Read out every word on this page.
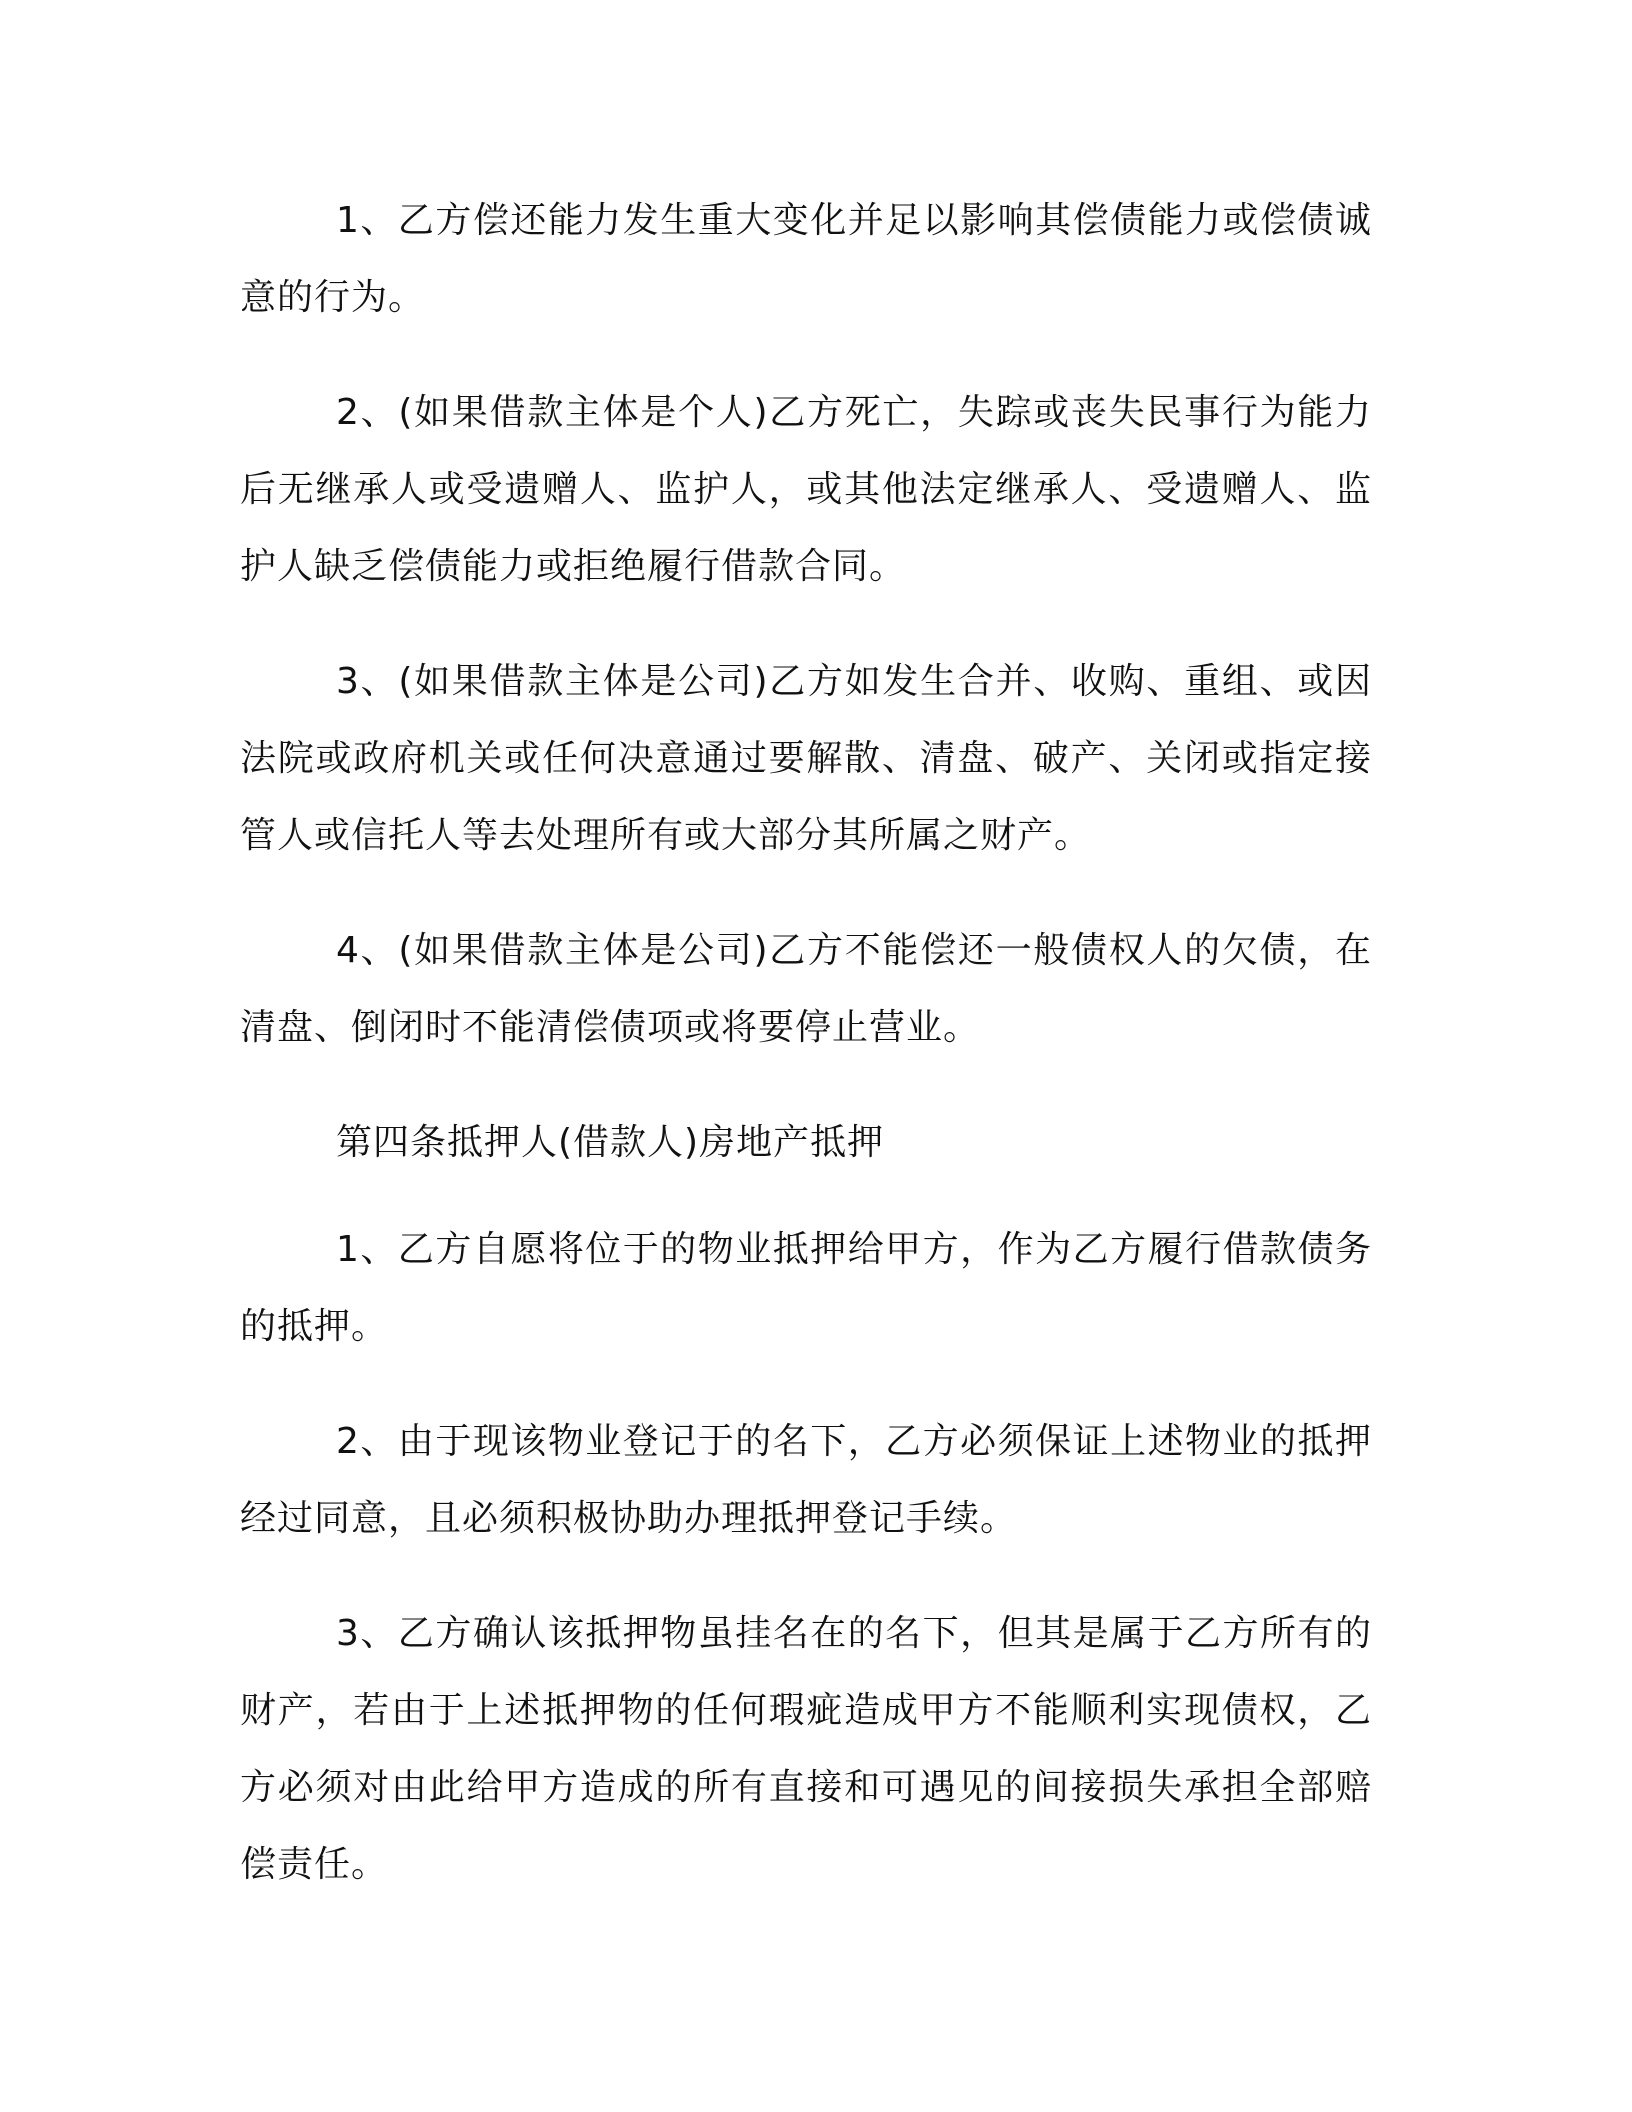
1、乙方偿还能力发生重大变化并足以影响其偿债能力或偿债诚意的行为。

2、(如果借款主体是个人)乙方死亡，失踪或丧失民事行为能力后无继承人或受遗赠人、监护人，或其他法定继承人、受遗赠人、监护人缺乏偿债能力或拒绝履行借款合同。

3、(如果借款主体是公司)乙方如发生合并、收购、重组、或因法院或政府机关或任何决意通过要解散、清盘、破产、关闭或指定接管人或信托人等去处理所有或大部分其所属之财产。

4、(如果借款主体是公司)乙方不能偿还一般债权人的欠债，在清盘、倒闭时不能清偿债项或将要停止营业。

第四条抵押人(借款人)房地产抵押

1、乙方自愿将位于的物业抵押给甲方，作为乙方履行借款债务的抵押。

2、由于现该物业登记于的名下，乙方必须保证上述物业的抵押经过同意，且必须积极协助办理抵押登记手续。

3、乙方确认该抵押物虽挂名在的名下，但其是属于乙方所有的财产，若由于上述抵押物的任何瑕疵造成甲方不能顺利实现债权，乙方必须对由此给甲方造成的所有直接和可遇见的间接损失承担全部赔偿责任。
